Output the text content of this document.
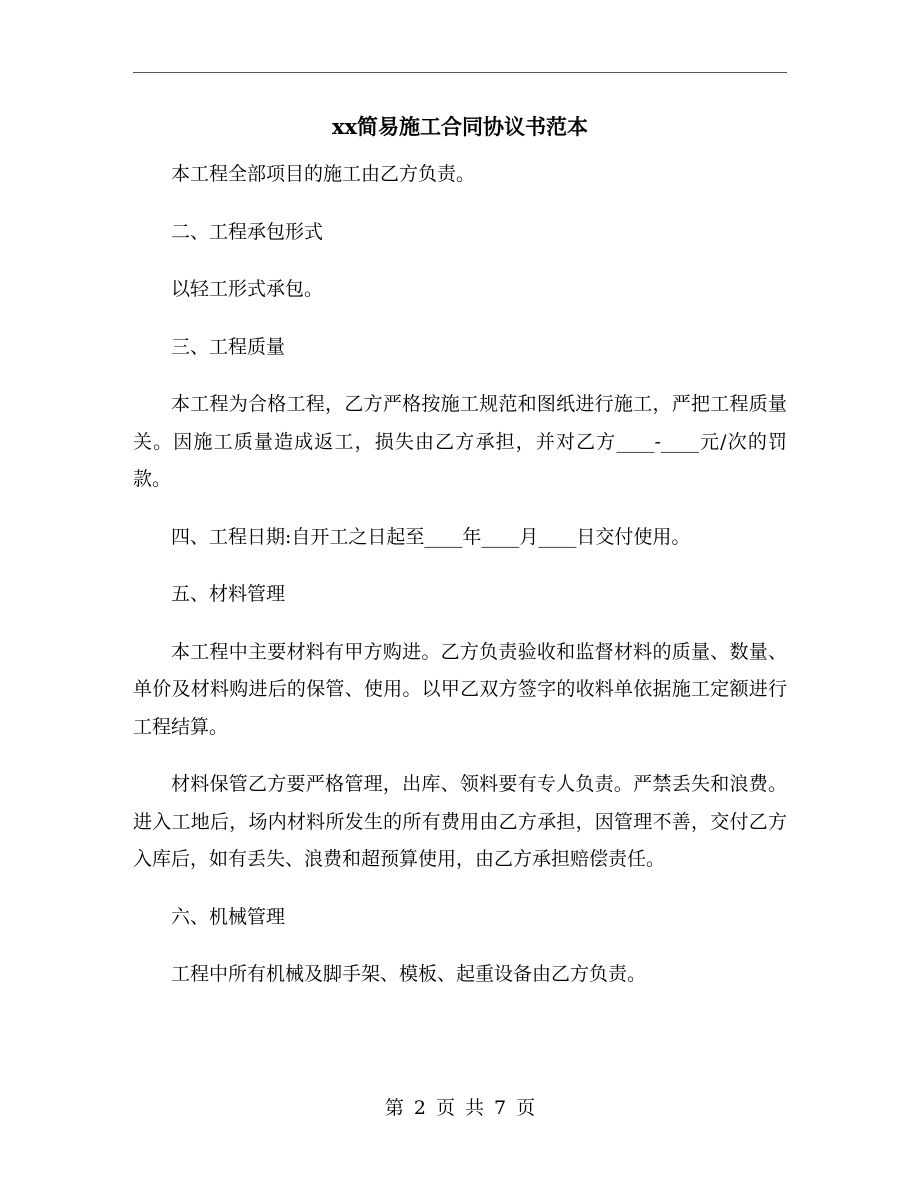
xx简易施工合同协议书范本

本工程全部项目的施工由乙方负责。

二、工程承包形式

以轻工形式承包。

三、工程质量

本工程为合格工程，乙方严格按施工规范和图纸进行施工，严把工程质量关。因施工质量造成返工，损失由乙方承担，并对乙方____-____元/次的罚款。

四、工程日期:自开工之日起至____年____月____日交付使用。

五、材料管理

本工程中主要材料有甲方购进。乙方负责验收和监督材料的质量、数量、单价及材料购进后的保管、使用。以甲乙双方签字的收料单依据施工定额进行工程结算。

材料保管乙方要严格管理，出库、领料要有专人负责。严禁丢失和浪费。进入工地后，场内材料所发生的所有费用由乙方承担，因管理不善，交付乙方入库后，如有丢失、浪费和超预算使用，由乙方承担赔偿责任。

六、机械管理

工程中所有机械及脚手架、模板、起重设备由乙方负责。

第 2 页 共 7 页
